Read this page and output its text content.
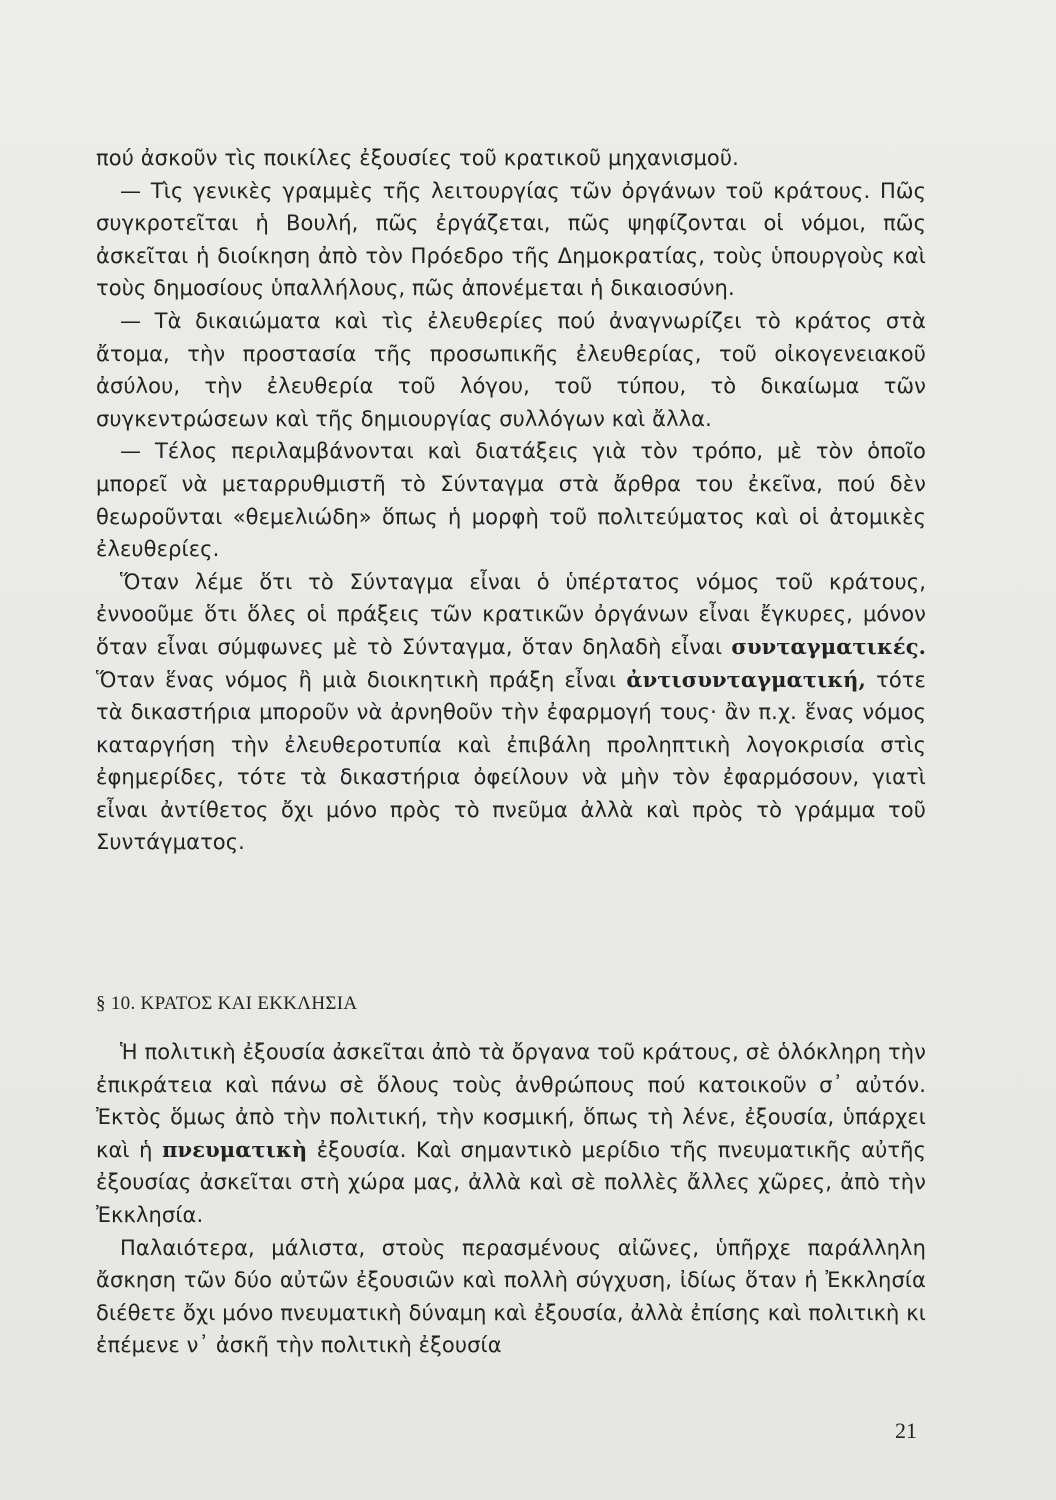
πού ἀσκοῦν τὶς ποικίλες ἐξουσίες τοῦ κρατικοῦ μηχανισμοῦ.

— Τὶς γενικὲς γραμμὲς τῆς λειτουργίας τῶν ὀργάνων τοῦ κράτους. Πῶς συγκροτεῖται ἡ Βουλή, πῶς ἐργάζεται, πῶς ψηφίζονται οἱ νόμοι, πῶς ἀσκεῖται ἡ διοίκηση ἀπὸ τὸν Πρόεδρο τῆς Δημοκρατίας, τοὺς ὑπουργοὺς καὶ τοὺς δημοσίους ὑπαλλήλους, πῶς ἀπονέμεται ἡ δικαιοσύνη.

— Τὰ δικαιώματα καὶ τὶς ἐλευθερίες πού ἀναγνωρίζει τὸ κράτος στὰ ἄτομα, τὴν προστασία τῆς προσωπικῆς ἐλευθερίας, τοῦ οἰκογενειακοῦ ἀσύλου, τὴν ἐλευθερία τοῦ λόγου, τοῦ τύπου, τὸ δικαίωμα τῶν συγκεντρώσεων καὶ τῆς δημιουργίας συλλόγων καὶ ἄλλα.

— Τέλος περιλαμβάνονται καὶ διατάξεις γιὰ τὸν τρόπο, μὲ τὸν ὁποῖο μπορεῖ νὰ μεταρρυθμιστῆ τὸ Σύνταγμα στὰ ἄρθρα του ἐκεῖνα, πού δὲν θεωροῦνται «θεμελιώδη» ὅπως ἡ μορφὴ τοῦ πολιτεύματος καὶ οἱ ἀτομικὲς ἐλευθερίες.

Ὅταν λέμε ὅτι τὸ Σύνταγμα εἶναι ὁ ὑπέρτατος νόμος τοῦ κράτους, ἐννοοῦμε ὅτι ὅλες οἱ πράξεις τῶν κρατικῶν ὀργάνων εἶναι ἔγκυρες, μόνον ὅταν εἶναι σύμφωνες μὲ τὸ Σύνταγμα, ὅταν δηλαδὴ εἶναι συνταγματικές. Ὅταν ἕνας νόμος ἢ μιὰ διοικητικὴ πράξη εἶναι ἀντισυνταγματική, τότε τὰ δικαστήρια μποροῦν νὰ ἀρνηθοῦν τὴν ἐφαρμογή τους· ἂν π.χ. ἕνας νόμος καταργήση τὴν ἐλευθεροτυπία καὶ ἐπιβάλη προληπτικὴ λογοκρισία στὶς ἐφημερίδες, τότε τὰ δικαστήρια ὀφείλουν νὰ μὴν τὸν ἐφαρμόσουν, γιατὶ εἶναι ἀντίθετος ὄχι μόνο πρὸς τὸ πνεῦμα ἀλλὰ καὶ πρὸς τὸ γράμμα τοῦ Συντάγματος.

§ 10. ΚΡΑΤΟΣ ΚΑΙ ΕΚΚΛΗΣΙΑ

Ἡ πολιτικὴ ἐξουσία ἀσκεῖται ἀπὸ τὰ ὄργανα τοῦ κράτους, σὲ ὁλόκληρη τὴν ἐπικράτεια καὶ πάνω σὲ ὅλους τοὺς ἀνθρώπους πού κατοικοῦν σ᾿ αὐτόν. Ἐκτὸς ὅμως ἀπὸ τὴν πολιτική, τὴν κοσμική, ὅπως τὴ λένε, ἐξουσία, ὑπάρχει καὶ ἡ πνευματικὴ ἐξουσία. Καὶ σημαντικὸ μερίδιο τῆς πνευματικῆς αὐτῆς ἐξουσίας ἀσκεῖται στὴ χώρα μας, ἀλλὰ καὶ σὲ πολλὲς ἄλλες χῶρες, ἀπὸ τὴν Ἐκκλησία.

Παλαιότερα, μάλιστα, στοὺς περασμένους αἰῶνες, ὑπῆρχε παράλληλη ἄσκηση τῶν δύο αὐτῶν ἐξουσιῶν καὶ πολλὴ σύγχυση, ἰδίως ὅταν ἡ Ἐκκλησία διέθετε ὄχι μόνο πνευματικὴ δύναμη καὶ ἐξουσία, ἀλλὰ ἐπίσης καὶ πολιτικὴ κι ἐπέμενε ν᾿ ἀσκῆ τὴν πολιτικὴ ἐξουσία

21
